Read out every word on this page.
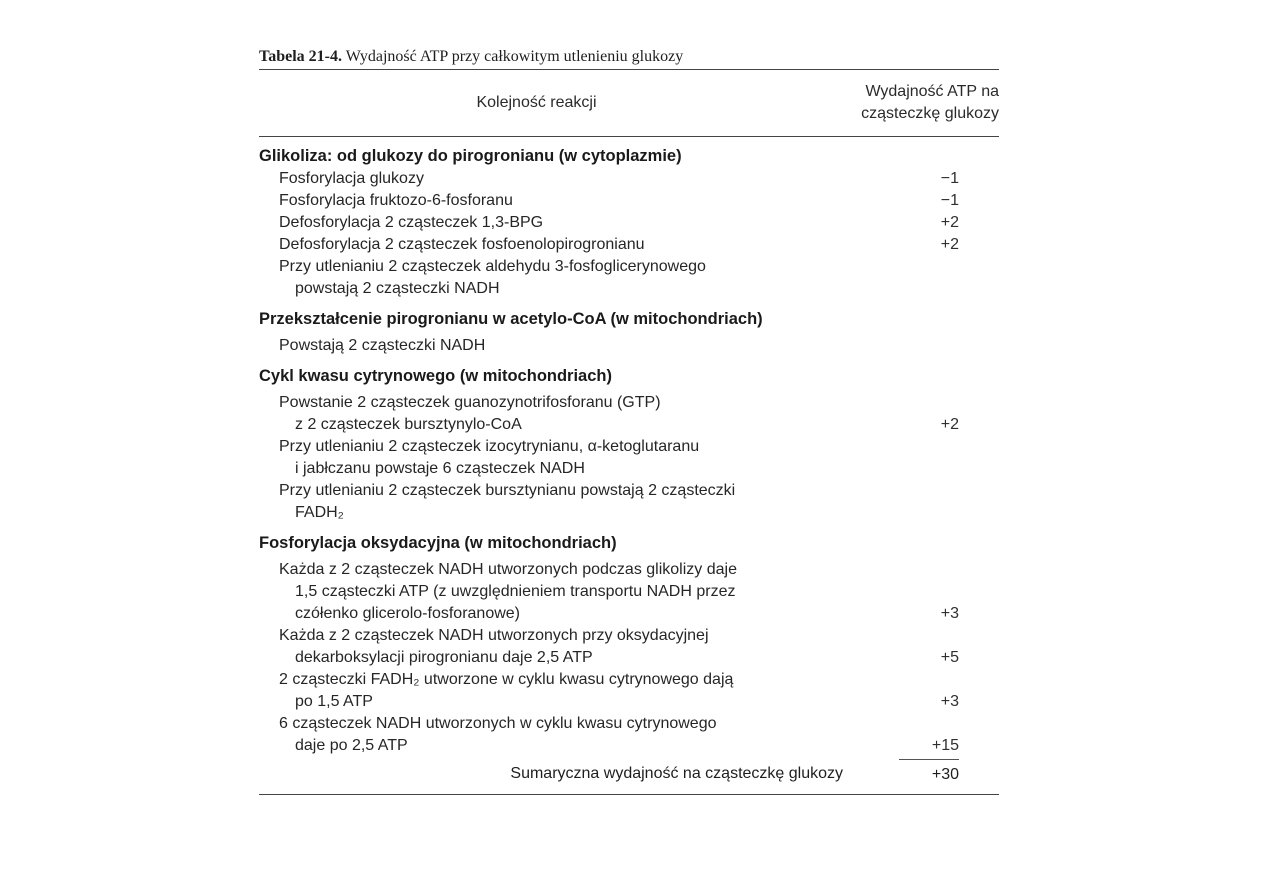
Tabela 21-4. Wydajność ATP przy całkowitym utlenieniu glukozy
Kolejność reakcji
Wydajność ATP na
cząsteczkę glukozy
Glikoliza: od glukozy do pirogronianu (w cytoplazmie)
Fosforylacja glukozy	−1
Fosforylacja fruktozo-6-fosforanu	−1
Defosforylacja 2 cząsteczek 1,3-BPG	+2
Defosforylacja 2 cząsteczek fosfoenolopirogronianu	+2
Przy utlenianiu 2 cząsteczek aldehydu 3-fosfoglicerynowego
powstają 2 cząsteczki NADH
Przekształcenie pirogronianu w acetylo-CoA (w mitochondriach)
Powstają 2 cząsteczki NADH
Cykl kwasu cytrynowego (w mitochondriach)
Powstanie 2 cząsteczek guanozynotrifosforanu (GTP)
z 2 cząsteczek bursztynylo-CoA	+2
Przy utlenianiu 2 cząsteczek izocytrynianu, α-ketoglutaranu
i jabłczanu powstaje 6 cząsteczek NADH
Przy utlenianiu 2 cząsteczek bursztynianu powstają 2 cząsteczki
FADH₂
Fosforylacja oksydacyjna (w mitochondriach)
Każda z 2 cząsteczek NADH utworzonych podczas glikolizy daje
1,5 cząsteczki ATP (z uwzględnieniem transportu NADH przez
czółenko glicerolo-fosforanowe)	+3
Każda z 2 cząsteczek NADH utworzonych przy oksydacyjnej
dekarboksylacji pirogronianu daje 2,5 ATP	+5
2 cząsteczki FADH₂ utworzone w cyklu kwasu cytrynowego dają
po 1,5 ATP	+3
6 cząsteczek NADH utworzonych w cyklu kwasu cytrynowego
daje po 2,5 ATP	+15
Sumaryczna wydajność na cząsteczkę glukozy	+30
